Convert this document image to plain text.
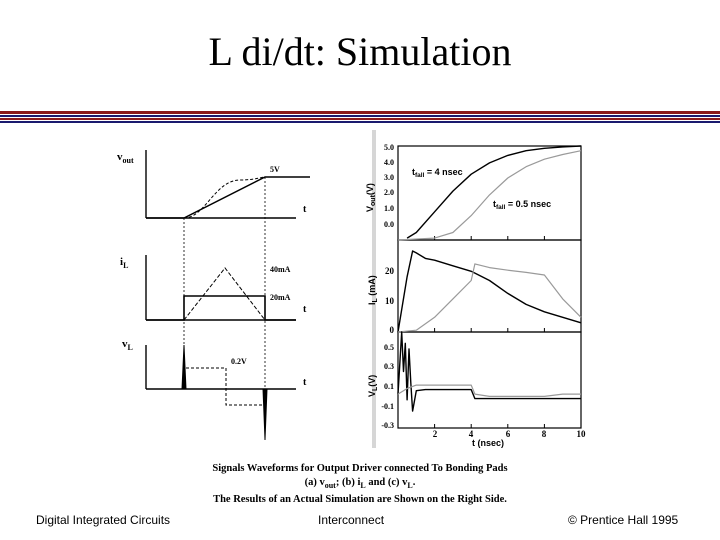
L di/dt: Simulation
$v_{out}$
5V
t
$i_L$	40mA
20mA
t
$v_L$
0.2V
t
5.0
4.0
3.0
2.0
1.0
0.0
20
10
0
0.5
0.3
0.1
-0.1
-0.3
2	4	6	8	10
t (nsec)
$V_{out}(V)$
$I_L$ (mA)
$V_L(V)$
$t_{fall} = 4$ nsec
$t_{fall} = 0.5$ nsec
Signals Waveforms for Output Driver connected To Bonding Pads
(a) $v_{out}$; (b) $i_L$ and (c) $v_L$.
The Results of an Actual Simulation are Shown on the Right Side.
Digital Integrated Circuits	Interconnect	© Prentice Hall 1995
